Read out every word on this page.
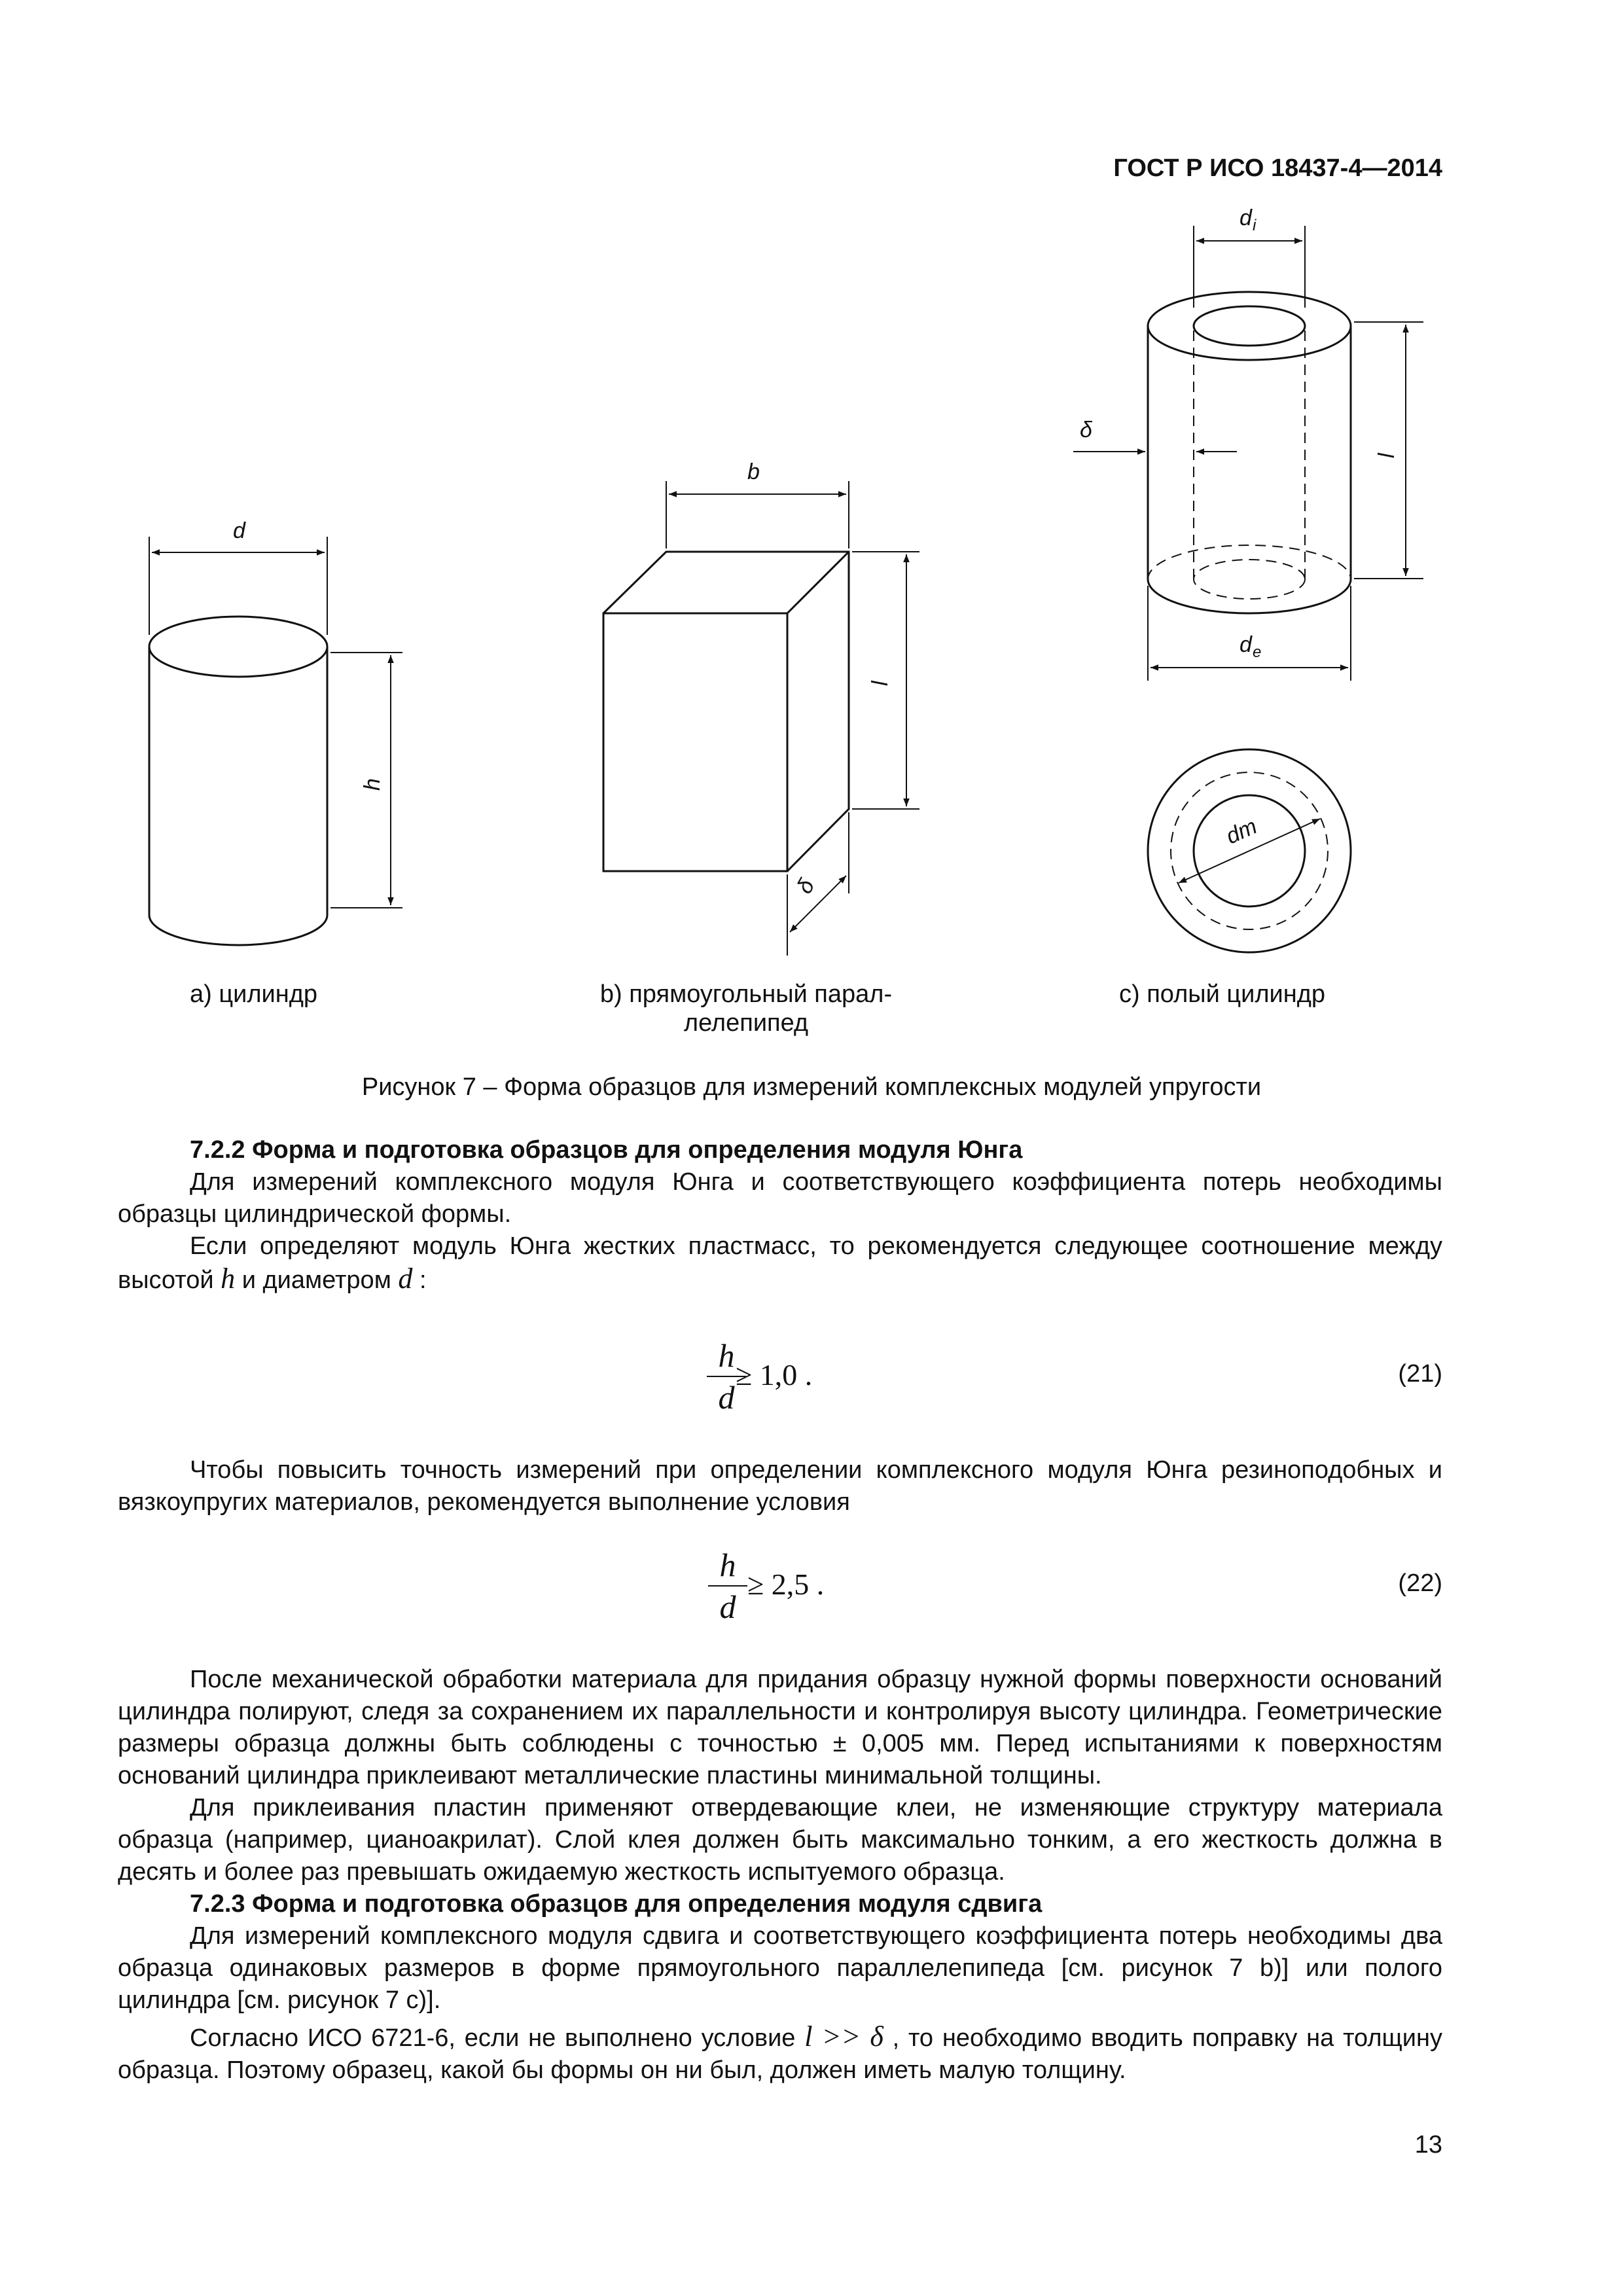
ГОСТ Р ИСО 18437-4—2014
d
h
b
l
δ
d i
l
δ
d e
dm
а) цилиндр	b) прямоугольный парал-
лелепипед
с) полый цилиндр
Рисунок 7 – Форма образцов для измерений комплексных модулей упругости

7.2.2 Форма и подготовка образцов для определения модуля Юнга

Для измерений комплексного модуля Юнга и соответствующего коэффициента потерь необходимы образцы цилиндрической формы.

Если определяют модуль Юнга жестких пластмасс, то рекомендуется следующее соотношение между высотой h и диаметром d :

$\frac{h}{d}$
≥ 1,0 .	(21)

Чтобы повысить точность измерений при определении комплексного модуля Юнга резиноподобных и вязкоупругих материалов, рекомендуется выполнение условия

$\frac{h}{d} \ge 2,5$ .	(22)

После механической обработки материала для придания образцу нужной формы поверхности оснований цилиндра полируют, следя за сохранением их параллельности и контролируя высоту цилиндра. Геометрические размеры образца должны быть соблюдены с точностью ± 0,005 мм. Перед испытаниями к поверхностям оснований цилиндра приклеивают металлические пластины минимальной толщины.

Для приклеивания пластин применяют отвердевающие клеи, не изменяющие структуру материала образца (например, цианоакрилат). Слой клея должен быть максимально тонким, а его жесткость должна в десять и более раз превышать ожидаемую жесткость испытуемого образца.

7.2.3 Форма и подготовка образцов для определения модуля сдвига

Для измерений комплексного модуля сдвига и соответствующего коэффициента потерь необходимы два образца одинаковых размеров в форме прямоугольного параллелепипеда [см. рисунок 7 b)] или полого цилиндра [см. рисунок 7 с)].

Согласно ИСО 6721-6, если не выполнено условие l >> δ , то необходимо вводить поправку на толщину образца. Поэтому образец, какой бы формы он ни был, должен иметь малую толщину.

13
